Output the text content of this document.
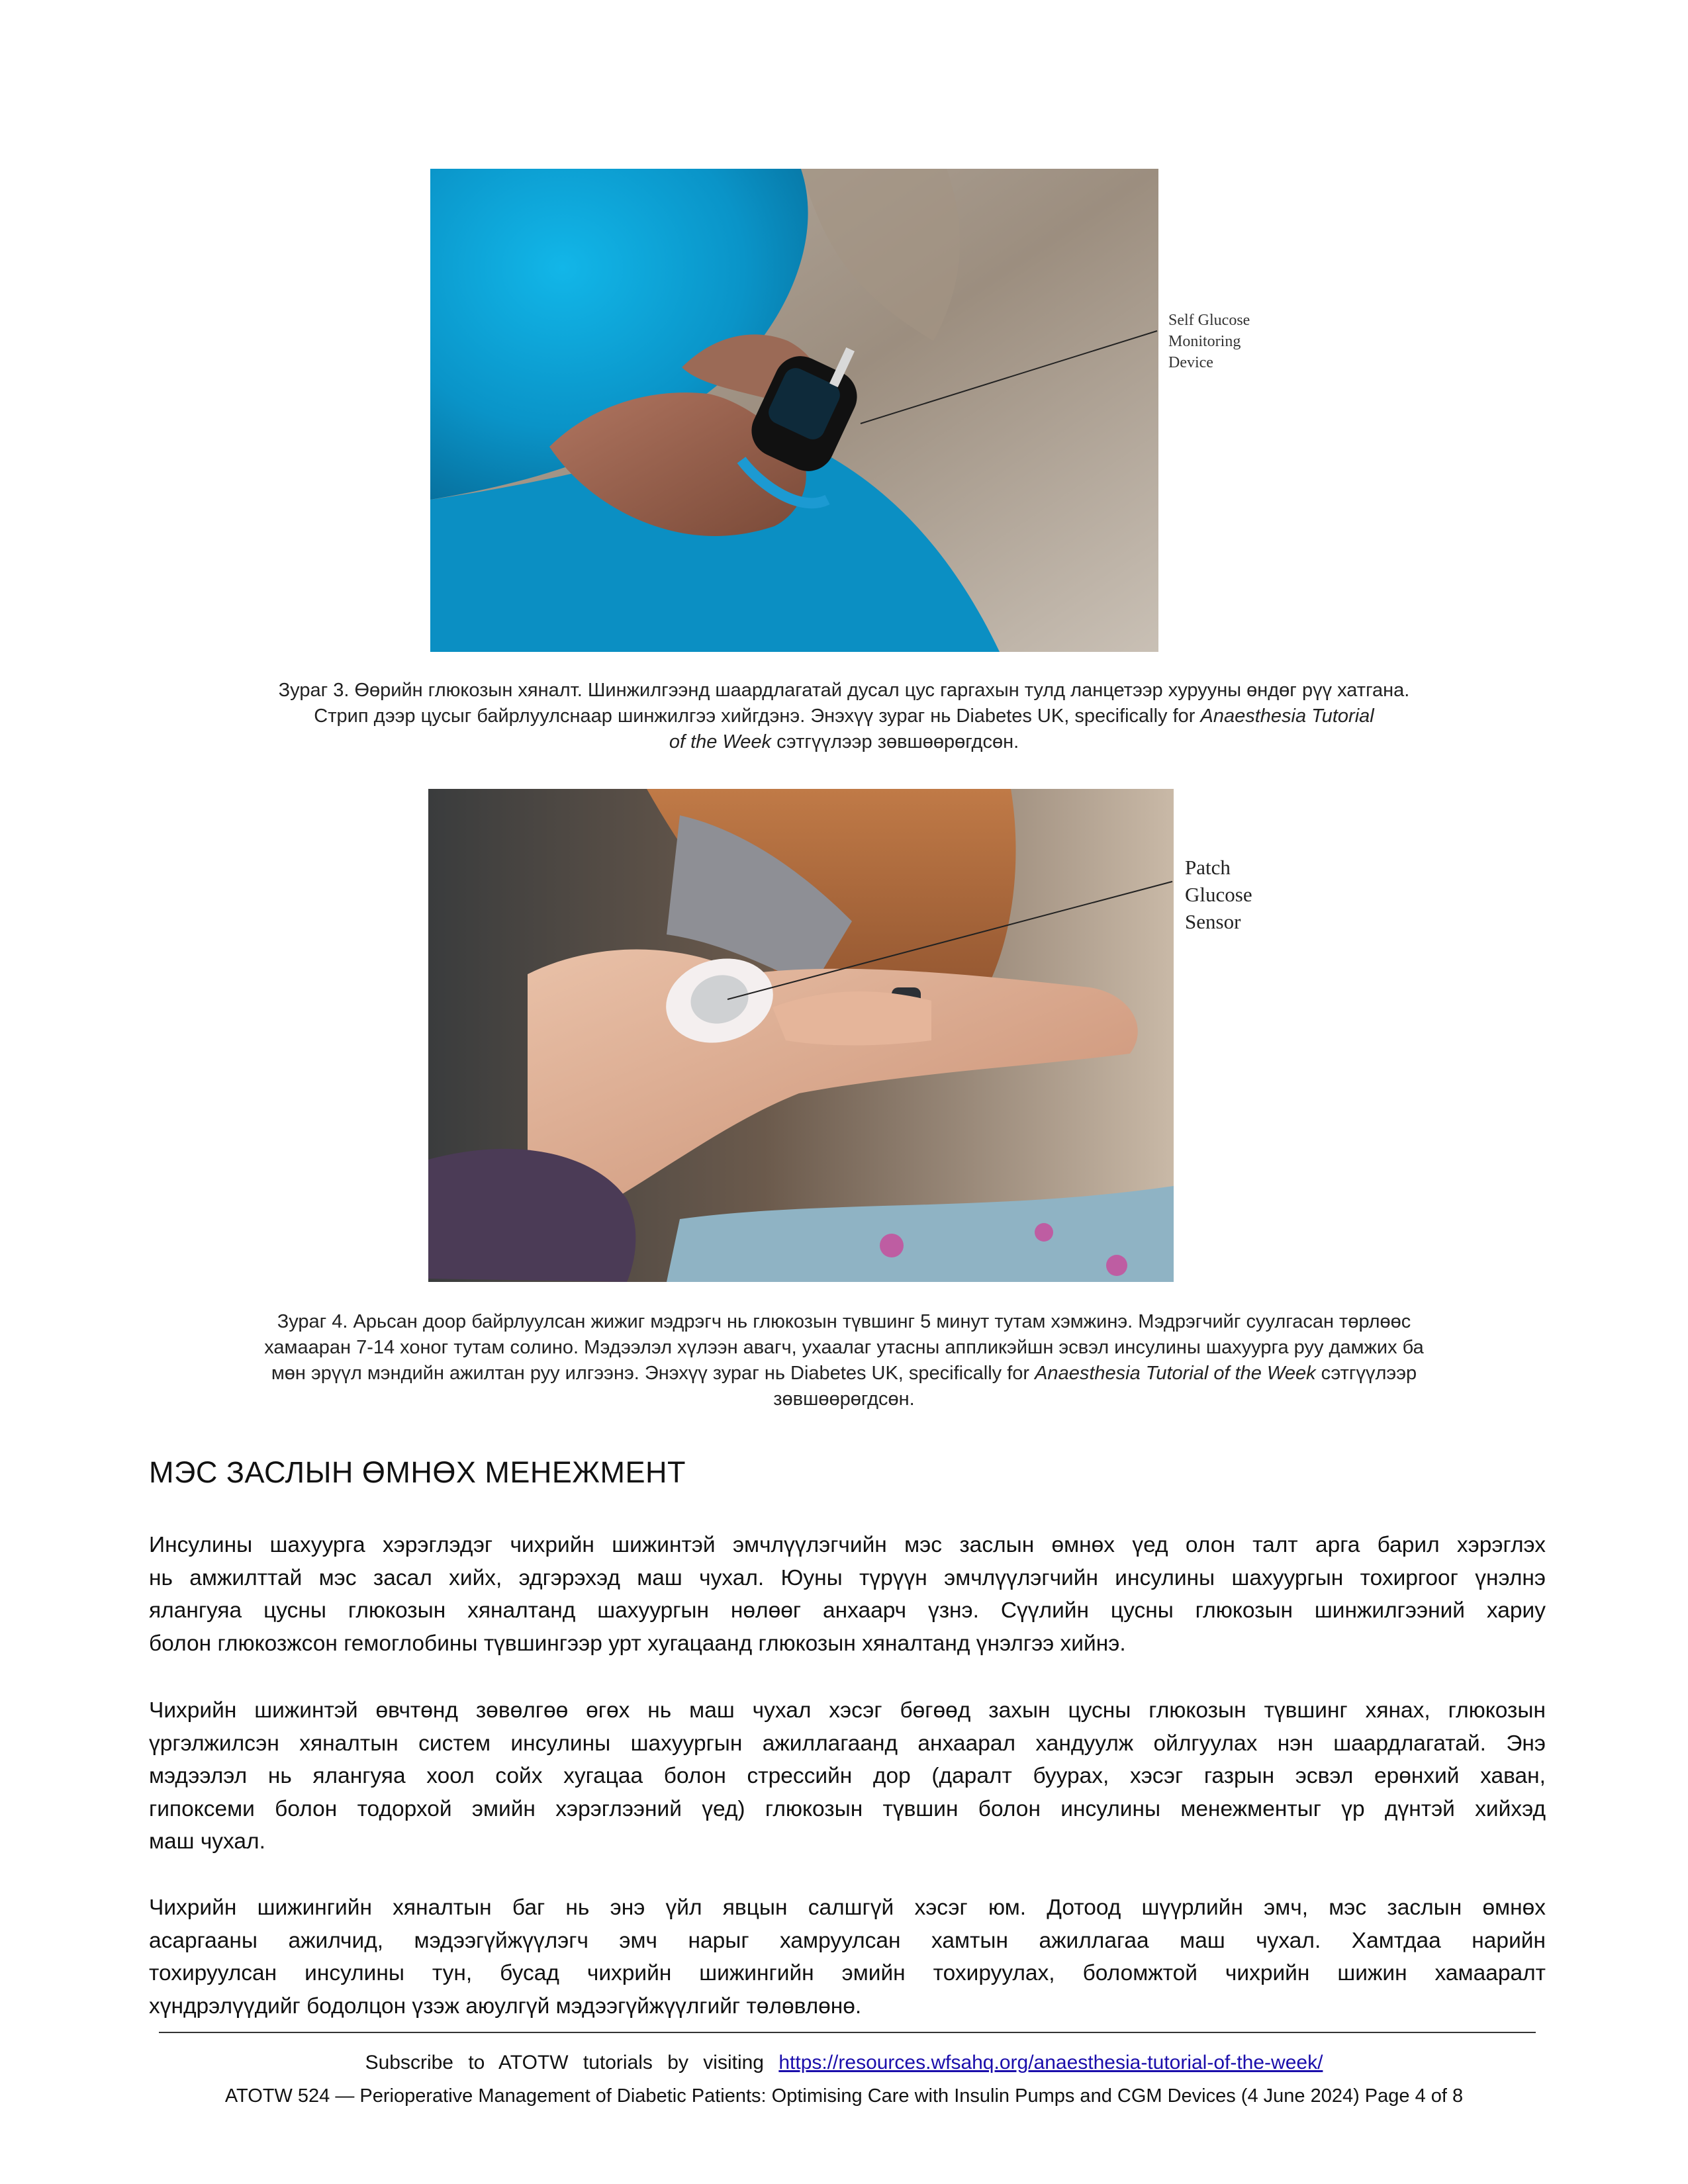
Self Glucose
Monitoring
Device
Зураг 3. Өөрийн глюкозын хяналт. Шинжилгээнд шаардлагатай дусал цус гаргахын тулд ланцетээр хурууны өндөг рүү хатгана.
Стрип дээр цусыг байрлуулснаар шинжилгээ хийгдэнэ. Энэхүү зураг нь Diabetes UK, specifically for Anaesthesia Tutorial
of the Week сэтгүүлээр зөвшөөрөгдсөн.
Patch
Glucose
Sensor
Зураг 4. Арьсан доор байрлуулсан жижиг мэдрэгч нь глюкозын түвшинг 5 минут тутам хэмжинэ. Мэдрэгчийг суулгасан төрлөөс
хамааран 7-14 хоног тутам солино. Мэдээлэл хүлээн авагч, ухаалаг утасны аппликэйшн эсвэл инсулины шахуурга руу дамжих ба
мөн эрүүл мэндийн ажилтан руу илгээнэ. Энэхүү зураг нь Diabetes UK, specifically for Anaesthesia Tutorial of the Week сэтгүүлээр
зөвшөөрөгдсөн.
МЭС ЗАСЛЫН ӨМНӨХ МЕНЕЖМЕНТ
Инсулины шахуурга хэрэглэдэг чихрийн шижинтэй эмчлүүлэгчийн мэс заслын өмнөх үед олон талт арга барил хэрэглэх
нь амжилттай мэс засал хийх, эдгэрэхэд маш чухал. Юуны түрүүн эмчлүүлэгчийн инсулины шахуургын тохиргоог үнэлнэ
ялангуяа цусны глюкозын хяналтанд шахуургын нөлөөг анхаарч үзнэ. Сүүлийн цусны глюкозын шинжилгээний хариу
болон глюкозжсон гемоглобины түвшингээр урт хугацаанд глюкозын хяналтанд үнэлгээ хийнэ.
Чихрийн шижинтэй өвчтөнд зөвөлгөө өгөх нь маш чухал хэсэг бөгөөд захын цусны глюкозын түвшинг хянах, глюкозын
үргэлжилсэн хяналтын систем инсулины шахуургын ажиллагаанд анхаарал хандуулж ойлгуулах нэн шаардлагатай. Энэ
мэдээлэл нь ялангуяа хоол сойх хугацаа болон стрессийн дор (даралт буурах, хэсэг газрын эсвэл ерөнхий хаван,
гипоксеми болон тодорхой эмийн хэрэглээний үед) глюкозын түвшин болон инсулины менежментыг үр дүнтэй хийхэд
маш чухал.
Чихрийн шижингийн хяналтын баг нь энэ үйл явцын салшгүй хэсэг юм. Дотоод шүүрлийн эмч, мэс заслын өмнөх
асаргааны ажилчид, мэдээгүйжүүлэгч эмч нарыг хамруулсан хамтын ажиллагаа маш чухал. Хамтдаа нарийн
тохируулсан инсулины тун, бусад чихрийн шижингийн эмийн тохируулах, боломжтой чихрийн шижин хамааралт
хүндрэлүүдийг бодолцон үзэж аюулгүй мэдээгүйжүүлгийг төлөвлөнө.
Subscribe to ATOTW tutorials by visiting https://resources.wfsahq.org/anaesthesia-tutorial-of-the-week/
ATOTW 524 — Perioperative Management of Diabetic Patients: Optimising Care with Insulin Pumps and CGM Devices (4 June 2024) Page 4 of 8
